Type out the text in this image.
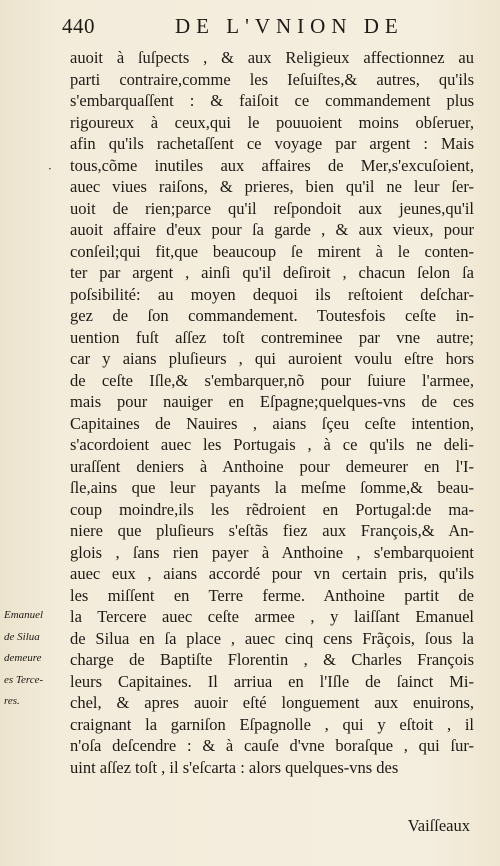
440	DE L'VNION DE
·
auoit à ſuſpects , & aux Religieux affectionnez au
parti contraire,comme les Ieſuiſtes,& autres, qu'ils
s'embarquaſſent : & faiſoit ce commandement plus
rigoureux à ceux,qui le pouuoient moins obſeruer,
afin qu'ils rachetaſſent ce voyage par argent : Mais
tous,cõme inutiles aux affaires de Mer,s'excuſoient,
auec viues raiſons, & prieres, bien qu'il ne leur ſer-
uoit de rien;parce qu'il reſpondoit aux jeunes,qu'il
auoit affaire d'eux pour ſa garde , & aux vieux, pour
conſeil;qui fit,que beaucoup ſe mirent à le conten-
ter par argent , ainſi qu'il deſiroit , chacun ſelon ſa
poſsibilité: au moyen dequoi ils reſtoient deſchar-
gez de ſon commandement. Toutesfois ceſte in-
uention fuſt aſſez toſt contreminee par vne autre;
car y aians pluſieurs , qui auroient voulu eſtre hors
de ceſte Iſle,& s'embarquer,nõ pour ſuiure l'armee,
mais pour nauiger en Eſpagne;quelques-vns de ces
Capitaines de Nauires , aians ſçeu ceſte intention,
s'acordoient auec les Portugais , à ce qu'ils ne deli-
uraſſent deniers à Anthoine pour demeurer en l'I-
ſle,ains que leur payants la meſme ſomme,& beau-
coup moindre,ils les rẽdroient en Portugal:de ma-
niere que pluſieurs s'eſtãs fiez aux François,& An-
glois , ſans rien payer à Anthoine , s'embarquoient
auec eux , aians accordé pour vn certain pris, qu'ils
les miſſent en Terre ferme. Anthoine partit de
la Tercere auec ceſte armee , y laiſſant Emanuel
de Silua en ſa place , auec cinq cens Frãçois, ſous la
charge de Baptiſte Florentin , & Charles François
leurs Capitaines. Il arriua en l'Iſle de ſainct Mi-
chel, & apres auoir eſté longuement aux enuirons,
craignant la garniſon Eſpagnolle , qui y eſtoit , il
n'oſa deſcendre : & à cauſe d'vne boraſque , qui ſur-
uint aſſez toſt , il s'eſcarta : alors quelques-vns des
Vaiſſeaux
Emanuel
de Silua
demeure
es Terce-
res.
